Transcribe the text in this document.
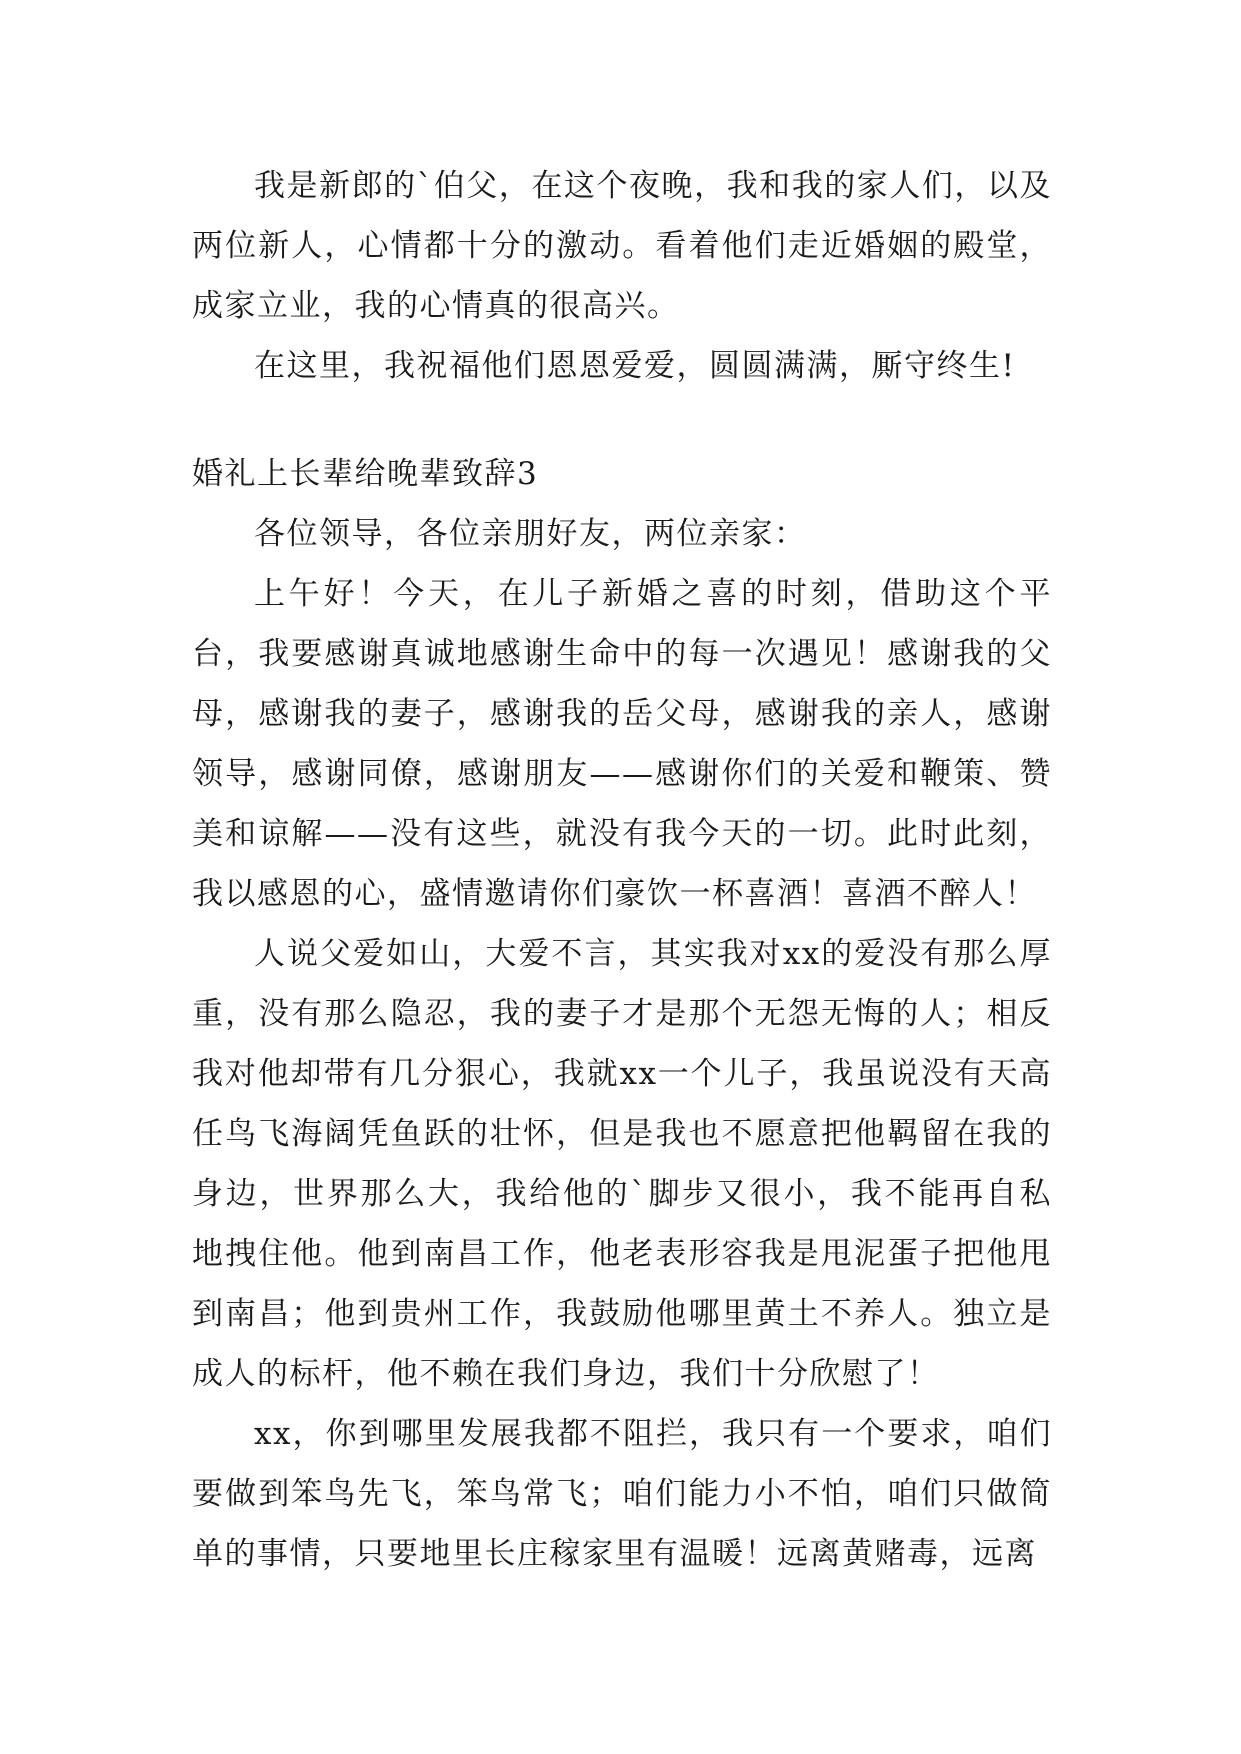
我是新郎的`伯父，在这个夜晚，我和我的家人们，以及两位新人，心情都十分的激动。看着他们走近婚姻的殿堂，成家立业，我的心情真的很高兴。

在这里，我祝福他们恩恩爱爱，圆圆满满，厮守终生!

婚礼上长辈给晚辈致辞3

各位领导，各位亲朋好友，两位亲家：

上午好！今天，在儿子新婚之喜的时刻，借助这个平台，我要感谢真诚地感谢生命中的每一次遇见！感谢我的父母，感谢我的妻子，感谢我的岳父母，感谢我的亲人，感谢领导，感谢同僚，感谢朋友——感谢你们的关爱和鞭策、赞美和谅解——没有这些，就没有我今天的一切。此时此刻，我以感恩的心，盛情邀请你们豪饮一杯喜酒！喜酒不醉人！

人说父爱如山，大爱不言，其实我对xx的爱没有那么厚重，没有那么隐忍，我的妻子才是那个无怨无悔的人；相反我对他却带有几分狠心，我就xx一个儿子，我虽说没有天高任鸟飞海阔凭鱼跃的壮怀，但是我也不愿意把他羁留在我的身边，世界那么大，我给他的`脚步又很小，我不能再自私地拽住他。他到南昌工作，他老表形容我是甩泥蛋子把他甩到南昌；他到贵州工作，我鼓励他哪里黄土不养人。独立是成人的标杆，他不赖在我们身边，我们十分欣慰了！

xx，你到哪里发展我都不阻拦，我只有一个要求，咱们要做到笨鸟先飞，笨鸟常飞；咱们能力小不怕，咱们只做简单的事情，只要地里长庄稼家里有温暖！远离黄赌毒，远离
